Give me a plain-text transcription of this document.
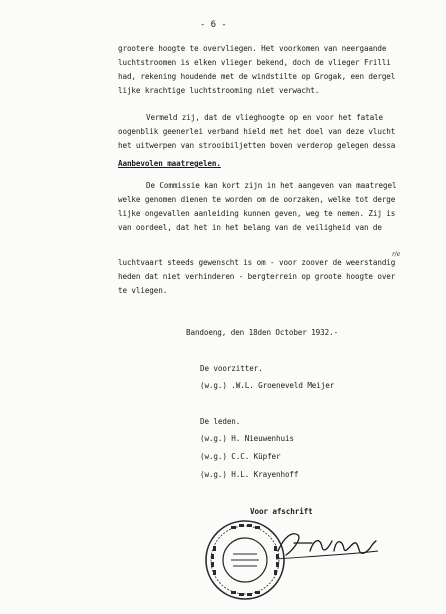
- 6 -
grootere hoogte te overvliegen. Het voorkomen van neergaande
luchtstroomen is elken vlieger bekend, doch de vlieger Frilli
had, rekening houdende met de windstilte op Grogak, een dergel
lijke krachtige luchtstrooming niet verwacht.
Vermeld zij, dat de vlieghoogte op en voor het fatale
oogenblik geenerlei verband hield met het doel van deze vlucht
het uitwerpen van strooibiljetten boven verderop gelegen dessa
Aanbevolen maatregelen.
De Commissie kan kort zijn in het aangeven van maatregel
welke genomen dienen te worden om de oorzaken, welke tot derge
lijke ongevallen aanleiding kunnen geven, weg te nemen. Zij is
van oordeel, dat het in het belang van de veiligheid van de
luchtvaart steeds gewenscht is om - voor zoover de weerstandig
heden dat niet verhinderen - bergterrein op groote hoogte over
te vliegen.
r/e
Bandoeng, den 18den October 1932.-
De voorzitter.
(w.g.) .W.L. Groeneveld Meijer
De leden.
(w.g.) H. Nieuwenhuis
(w.g.) C.C. Küpfer
(w.g.) H.L. Krayenhoff
Voor afschrift
